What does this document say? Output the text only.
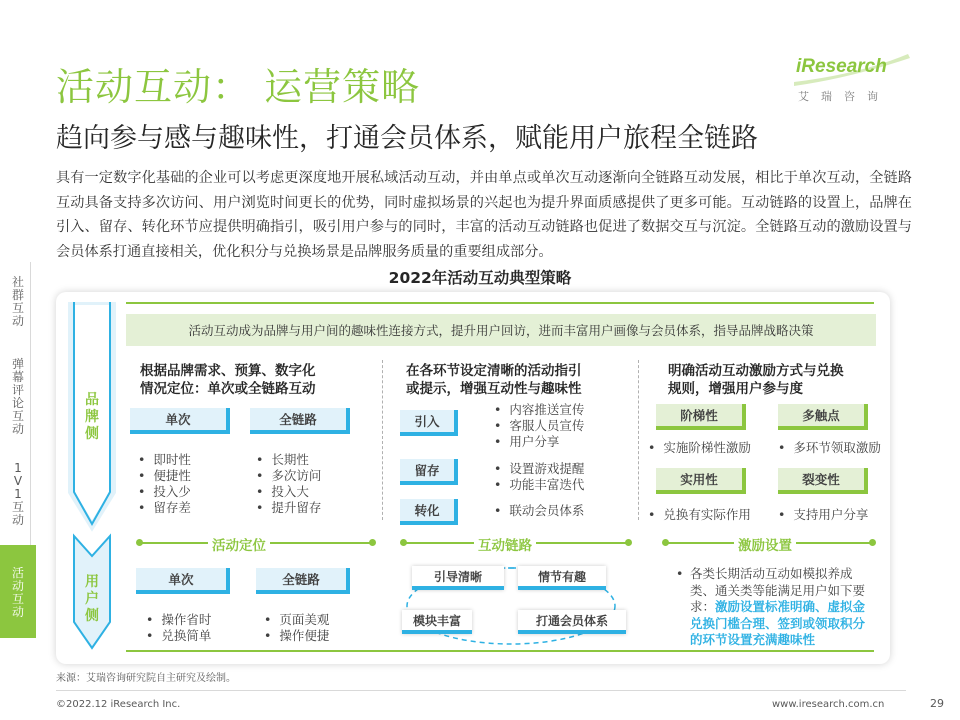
活动互动： 运营策略
趋向参与感与趣味性，打通会员体系，赋能用户旅程全链路
iResearch
艾瑞咨询
具有一定数字化基础的企业可以考虑更深度地开展私域活动互动，并由单点或单次互动逐渐向全链路互动发展，相比于单次互动，全链路互动具备支持多次访问、用户浏览时间更长的优势，同时虚拟场景的兴起也为提升界面质感提供了更多可能。互动链路的设置上，品牌在引入、留存、转化环节应提供明确指引，吸引用户参与的同时，丰富的活动互动链路也促进了数据交互与沉淀。全链路互动的激励设置与会员体系打通直接相关，优化积分与兑换场景是品牌服务质量的重要组成部分。
社
群
互
动
弹
幕
评
论
互
动
1
V
1
互
动
活
动
互
动
2022年活动互动典型策略
品
牌
侧
用
户
侧
活动互动成为品牌与用户间的趣味性连接方式，提升用户回访，进而丰富用户画像与会员体系，指导品牌战略决策
根据品牌需求、预算、数字化
情况定位：单次或全链路互动
单次	全链路
•  即时性
•  便捷性
•  投入少
•  留存差
•  长期性
•  多次访问
•  投入大
•  提升留存
在各环节设定清晰的活动指引
或提示，增强互动性与趣味性
引入
留存
转化
•  内容推送宣传
•  客服人员宣传
•  用户分享
•  设置游戏提醒
•  功能丰富迭代
•  联动会员体系
明确活动互动激励方式与兑换
规则，增强用户参与度
阶梯性	多触点
实用性	裂变性
•  实施阶梯性激励 •  多环节领取激励
•  兑换有实际作用 •  支持用户分享
活动定位	互动链路	激励设置
单次	全链路
•  操作省时
•  兑换简单
•  页面美观
•  操作便捷
引导清晰	情节有趣
模块丰富	打通会员体系
• 各类长期活动互动如模拟养成类、通关类等能满足用户如下要求：激励设置标准明确、虚拟金兑换门槛合理、签到或领取积分的环节设置充满趣味性
来源：艾瑞咨询研究院自主研究及绘制。
©2022.12 iResearch Inc.	www.iresearch.com.cn	29
